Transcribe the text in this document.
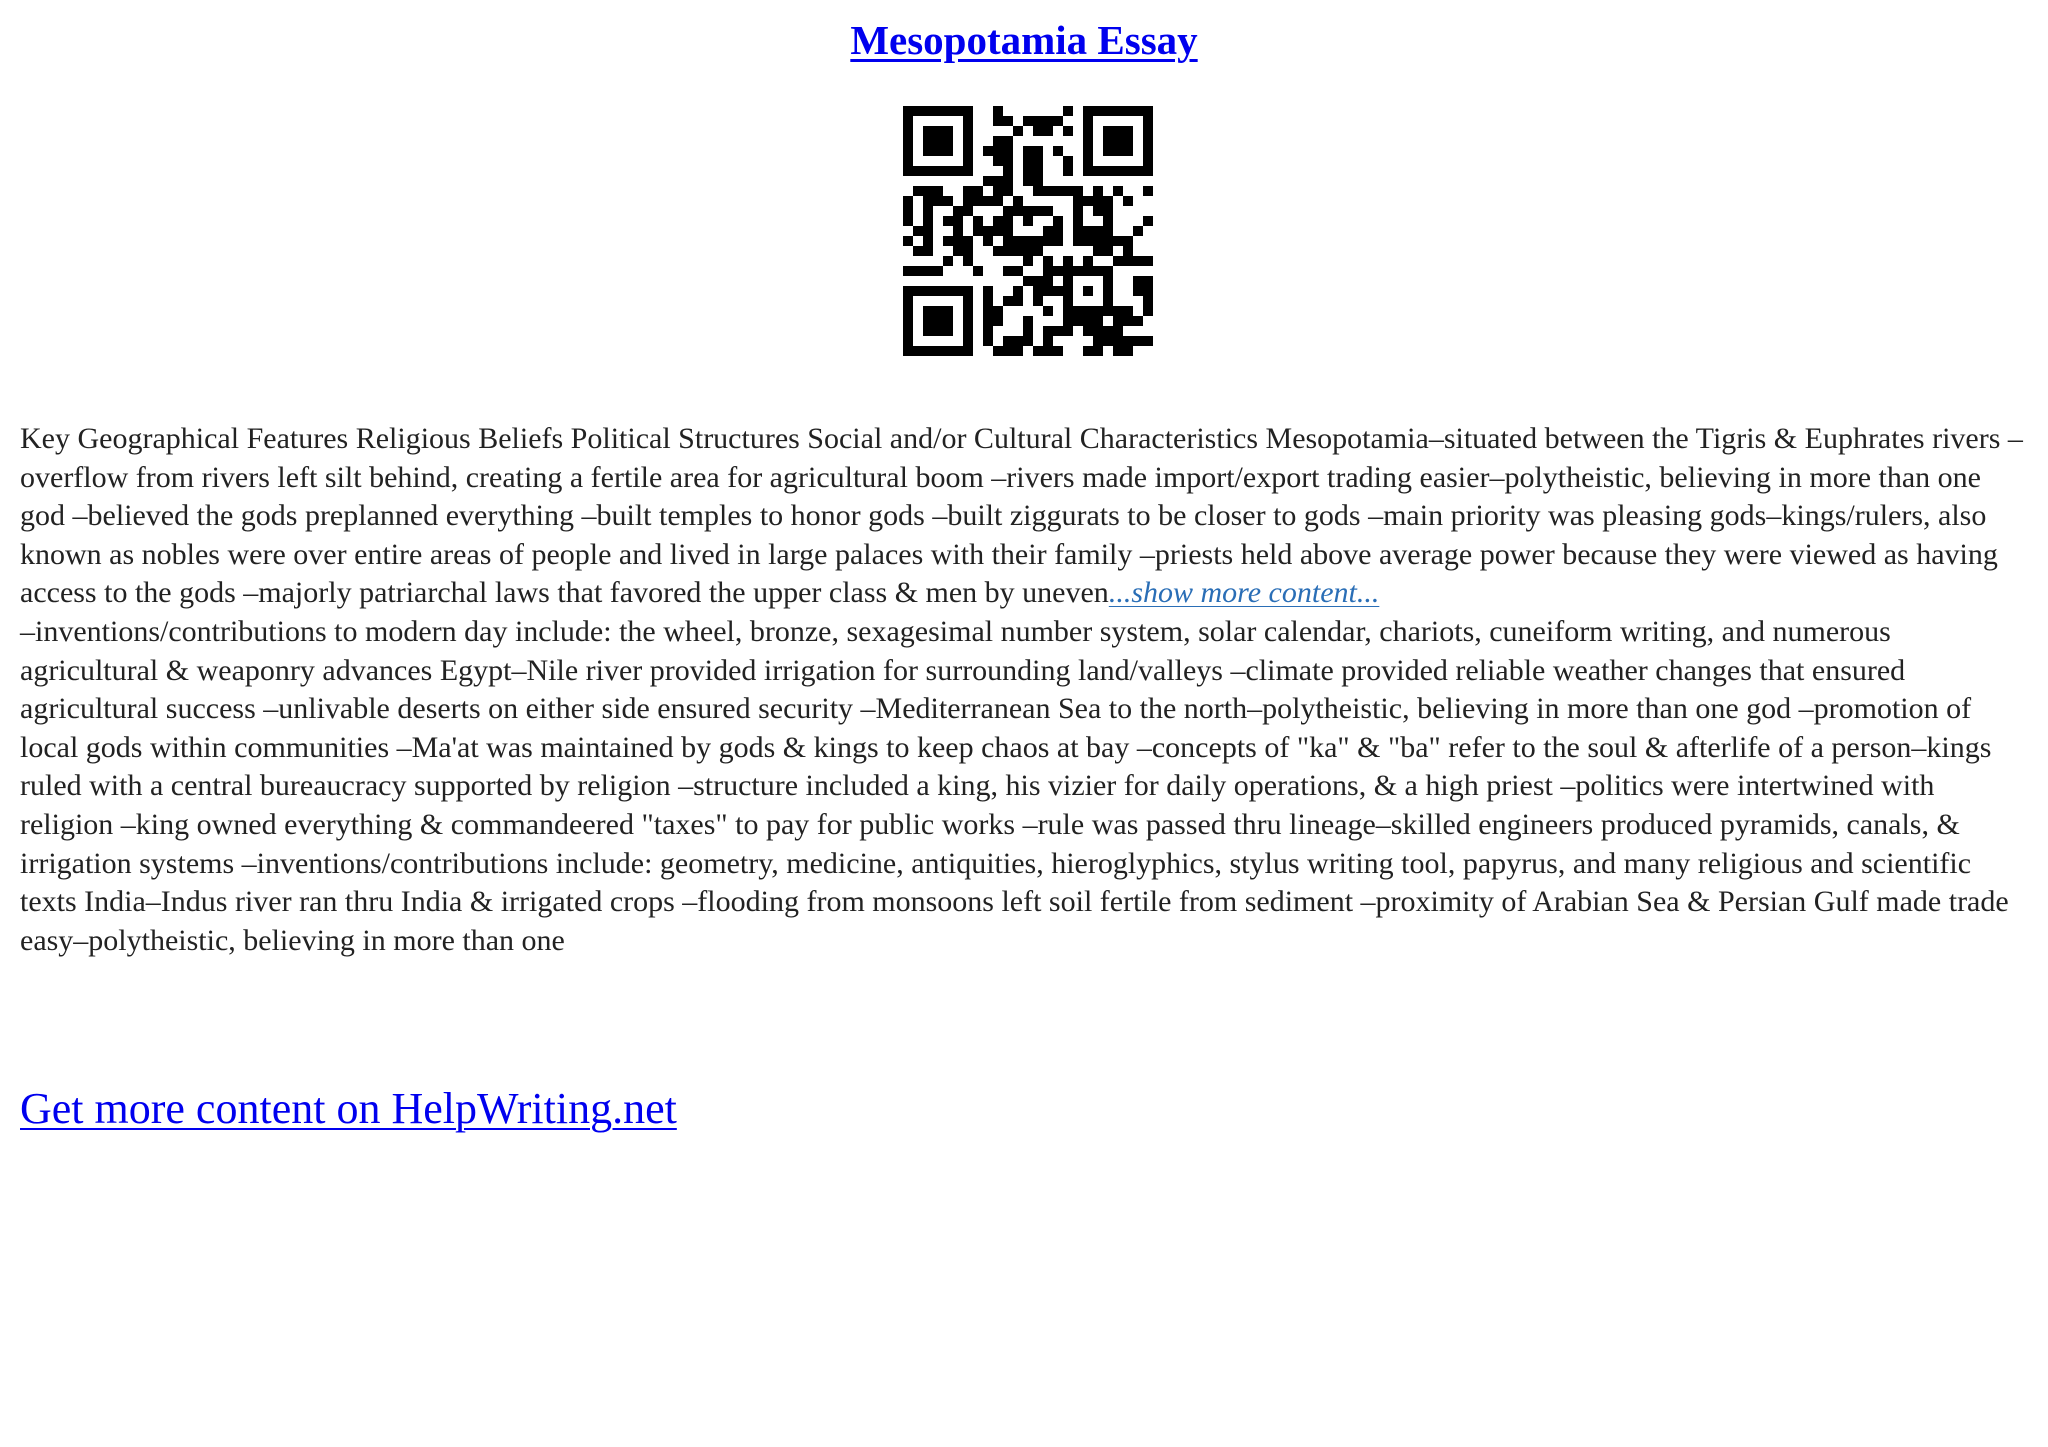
Mesopotamia Essay

Key Geographical Features Religious Beliefs Political Structures Social and/or Cultural Characteristics Mesopotamia–situated between the Tigris & Euphrates rivers –overflow from rivers left silt behind, creating a fertile area for agricultural boom –rivers made import/export trading easier–polytheistic, believing in more than one god –believed the gods preplanned everything –built temples to honor gods –built ziggurats to be closer to gods –main priority was pleasing gods–kings/rulers, also known as nobles were over entire areas of people and lived in large palaces with their family –priests held above average power because they were viewed as having access to the gods –majorly patriarchal laws that favored the upper class & men by uneven...show more content...

–inventions/contributions to modern day include: the wheel, bronze, sexagesimal number system, solar calendar, chariots, cuneiform writing, and numerous agricultural & weaponry advances Egypt–Nile river provided irrigation for surrounding land/valleys –climate provided reliable weather changes that ensured agricultural success –unlivable deserts on either side ensured security –Mediterranean Sea to the north–polytheistic, believing in more than one god –promotion of local gods within communities –Ma'at was maintained by gods & kings to keep chaos at bay –concepts of "ka" & "ba" refer to the soul & afterlife of a person–kings ruled with a central bureaucracy supported by religion –structure included a king, his vizier for daily operations, & a high priest –politics were intertwined with religion –king owned everything & commandeered "taxes" to pay for public works –rule was passed thru lineage–skilled engineers produced pyramids, canals, & irrigation systems –inventions/contributions include: geometry, medicine, antiquities, hieroglyphics, stylus writing tool, papyrus, and many religious and scientific texts India–Indus river ran thru India & irrigated crops –flooding from monsoons left soil fertile from sediment –proximity of Arabian Sea & Persian Gulf made trade easy–polytheistic, believing in more than one

Get more content on HelpWriting.net
